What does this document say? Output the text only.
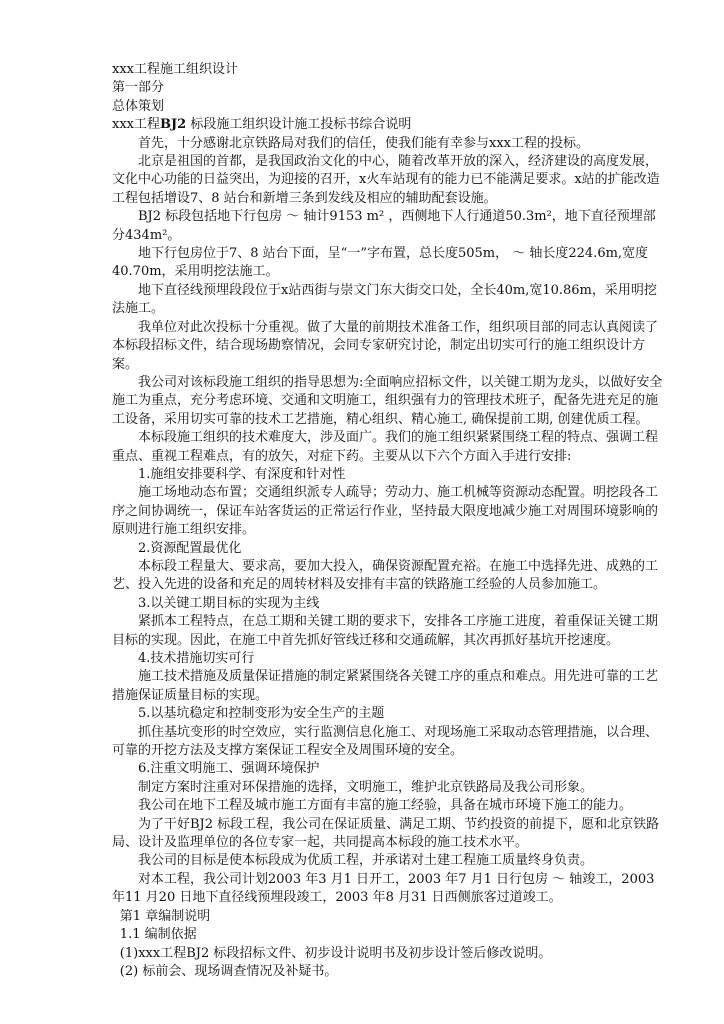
xxx工程施工组织设计

第一部分

总体策划

xxx工程BJ2 标段施工组织设计施工投标书综合说明

首先，十分感谢北京铁路局对我们的信任，使我们能有幸参与xxx工程的投标。

北京是祖国的首都，是我国政治文化的中心，随着改革开放的深入，经济建设的高度发展，文化中心功能的日益突出，为迎接的召开，x火车站现有的能力已不能满足要求。x站的扩能改造工程包括增设7、8 站台和新增三条到发线及相应的辅助配套设施。

BJ2 标段包括地下行包房 ～ 轴计9153 m² ，西侧地下人行通道50.3m²，地下直径预埋部分434m²。

地下行包房位于7、8 站台下面，呈“一”字布置，总长度505m， ～ 轴长度224.6m,宽度40.70m，采用明挖法施工。

地下直径线预埋段段位于x站西街与崇文门东大街交口处，全长40m,宽10.86m，采用明挖法施工。

我单位对此次投标十分重视。做了大量的前期技术准备工作，组织项目部的同志认真阅读了本标段招标文件，结合现场勘察情况，会同专家研究讨论，制定出切实可行的施工组织设计方案。

我公司对该标段施工组织的指导思想为:全面响应招标文件，以关键工期为龙头，以做好安全施工为重点，充分考虑环境、交通和文明施工，组织强有力的管理技术班子，配备先进充足的施工设备，采用切实可靠的技术工艺措施，精心组织、精心施工, 确保提前工期, 创建优质工程。

本标段施工组织的技术难度大，涉及面广。我们的施工组织紧紧围绕工程的特点、强调工程重点、重视工程难点，有的放矢，对症下药。主要从以下六个方面入手进行安排:

1.施组安排要科学、有深度和针对性

施工场地动态布置；交通组织派专人疏导；劳动力、施工机械等资源动态配置。明挖段各工序之间协调统一，保证车站客货运的正常运行作业，坚持最大限度地减少施工对周围环境影响的原则进行施工组织安排。

2.资源配置最优化

本标段工程量大、要求高，要加大投入，确保资源配置充裕。在施工中选择先进、成熟的工艺、投入先进的设备和充足的周转材料及安排有丰富的铁路施工经验的人员参加施工。

3.以关键工期目标的实现为主线

紧抓本工程特点，在总工期和关键工期的要求下，安排各工序施工进度，着重保证关键工期目标的实现。因此，在施工中首先抓好管线迁移和交通疏解，其次再抓好基坑开挖速度。

4.技术措施切实可行

施工技术措施及质量保证措施的制定紧紧围绕各关键工序的重点和难点。用先进可靠的工艺措施保证质量目标的实现。

5.以基坑稳定和控制变形为安全生产的主题

抓住基坑变形的时空效应，实行监测信息化施工、对现场施工采取动态管理措施，以合理、可靠的开挖方法及支撑方案保证工程安全及周围环境的安全。

6.注重文明施工、强调环境保护

制定方案时注重对环保措施的选择，文明施工，维护北京铁路局及我公司形象。

我公司在地下工程及城市施工方面有丰富的施工经验，具备在城市环境下施工的能力。

为了干好BJ2 标段工程，我公司在保证质量、满足工期、节约投资的前提下，愿和北京铁路局、设计及监理单位的各位专家一起，共同提高本标段的施工技术水平。

我公司的目标是使本标段成为优质工程，并承诺对土建工程施工质量终身负责。

对本工程，我公司计划2003 年3 月1 日开工，2003 年7 月1 日行包房 ～ 轴竣工，2003 年11 月20 日地下直径线预埋段竣工，2003 年8 月31 日西侧旅客过道竣工。

第1 章编制说明

1.1 编制依据

(1)xxx工程BJ2 标段招标文件、初步设计说明书及初步设计签后修改说明。

(2) 标前会、现场调查情况及补疑书。
